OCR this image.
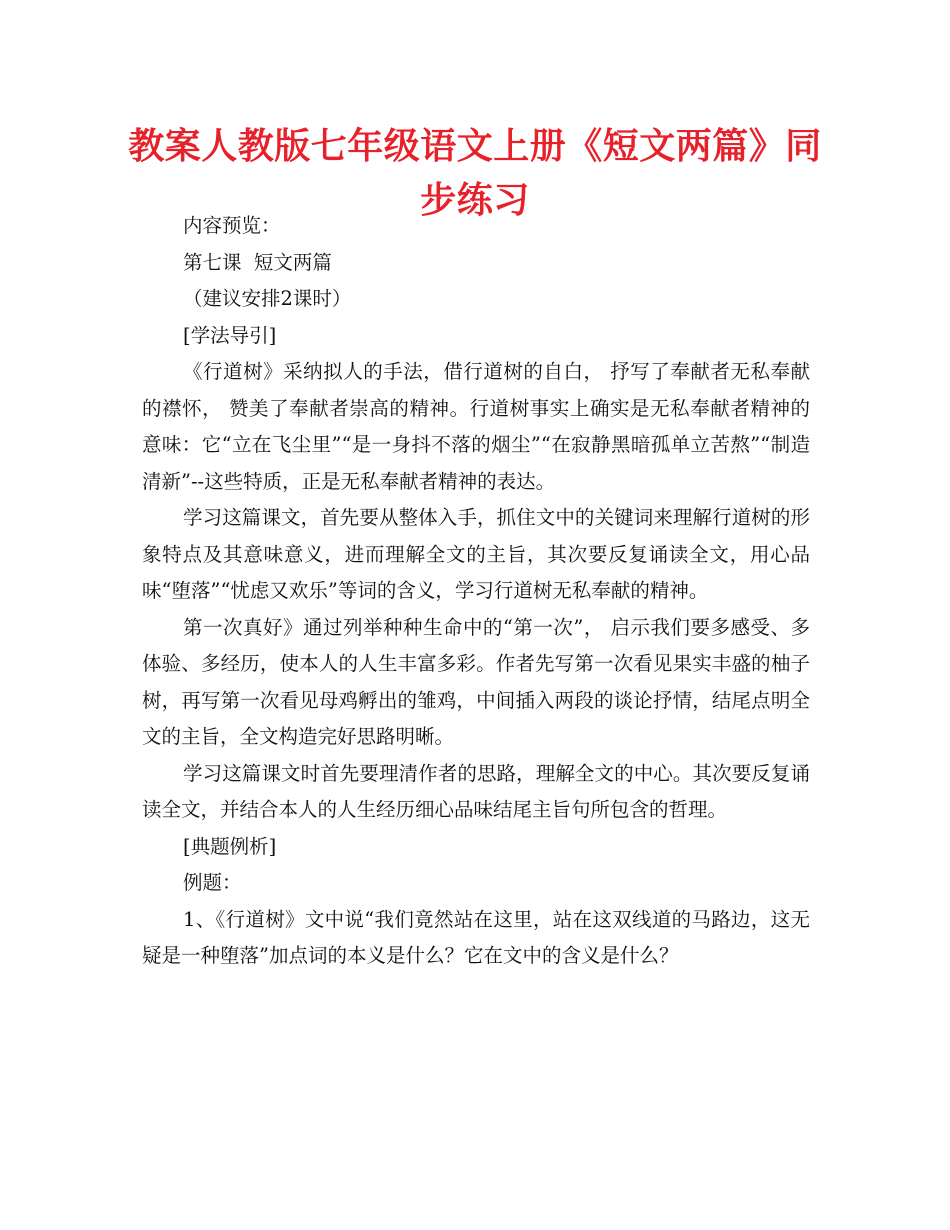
教案人教版七年级语文上册《短文两篇》同步练习

内容预览：

第七课  短文两篇

（建议安排2课时）

[学法导引]

《行道树》采纳拟人的手法，借行道树的自白， 抒写了奉献者无私奉献的襟怀， 赞美了奉献者崇高的精神。行道树事实上确实是无私奉献者精神的意味：它“立在飞尘里”“是一身抖不落的烟尘”“在寂静黑暗孤单立苦熬”“制造清新”--这些特质，正是无私奉献者精神的表达。

学习这篇课文，首先要从整体入手，抓住文中的关键词来理解行道树的形象特点及其意味意义，进而理解全文的主旨，其次要反复诵读全文，用心品味“堕落”“忧虑又欢乐”等词的含义，学习行道树无私奉献的精神。

第一次真好》通过列举种种生命中的“第一次”， 启示我们要多感受、多体验、多经历，使本人的人生丰富多彩。作者先写第一次看见果实丰盛的柚子树，再写第一次看见母鸡孵出的雏鸡，中间插入两段的谈论抒情，结尾点明全文的主旨，全文构造完好思路明晰。

学习这篇课文时首先要理清作者的思路，理解全文的中心。其次要反复诵读全文，并结合本人的人生经历细心品味结尾主旨句所包含的哲理。

[典题例析]

例题：

1、《行道树》文中说“我们竟然站在这里，站在这双线道的马路边，这无疑是一种堕落”加点词的本义是什么？它在文中的含义是什么？
